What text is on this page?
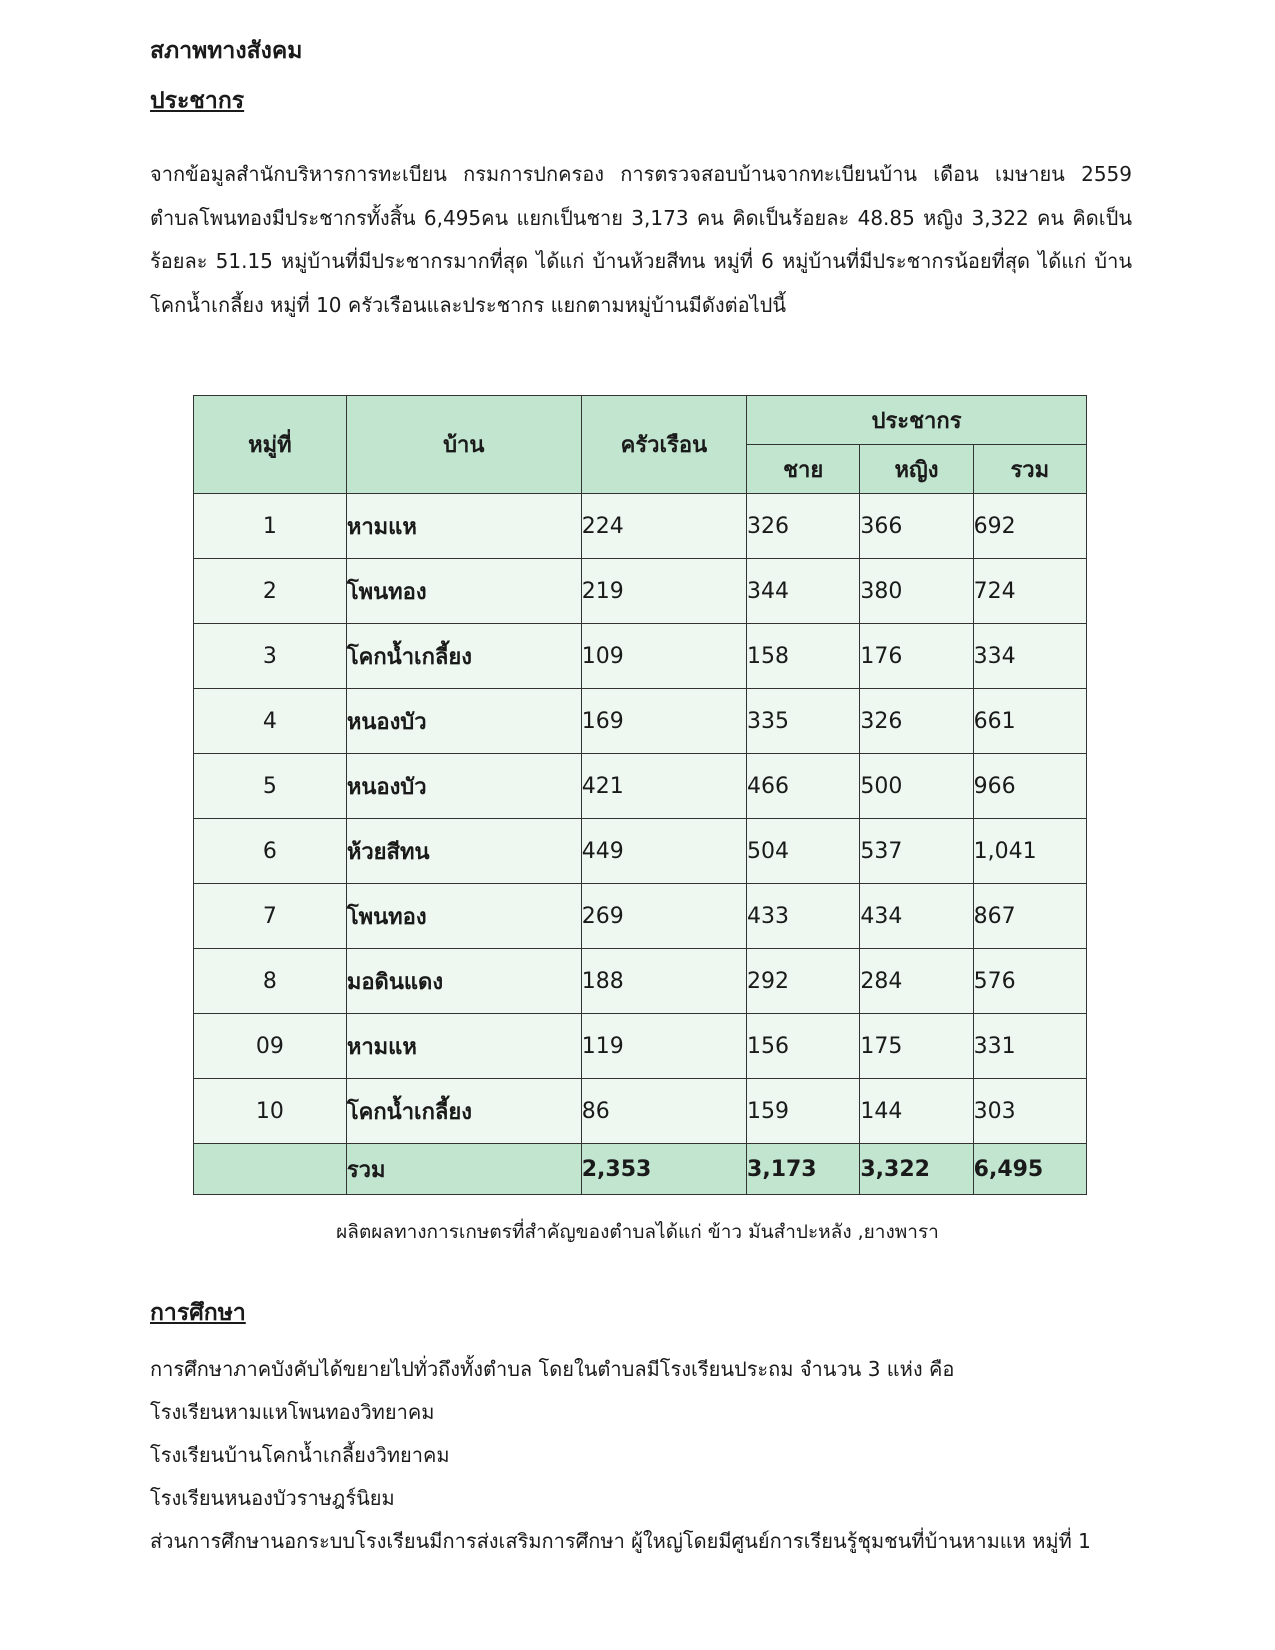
สภาพทางสังคม
ประชากร

จากข้อมูลสำนักบริหารการทะเบียน กรมการปกครอง การตรวจสอบบ้านจากทะเบียนบ้าน เดือน เมษายน 2559 ตำบลโพนทองมีประชากรทั้งสิ้น 6,495คน แยกเป็นชาย 3,173 คน คิดเป็นร้อยละ 48.85 หญิง 3,322 คน คิดเป็นร้อยละ 51.15 หมู่บ้านที่มีประชากรมากที่สุด ได้แก่ บ้านห้วยสีทน หมู่ที่ 6 หมู่บ้านที่มีประชากรน้อยที่สุด ได้แก่ บ้านโคกน้ำเกลี้ยง หมู่ที่ 10 ครัวเรือนและประชากร แยกตามหมู่บ้านมีดังต่อไปนี้

หมู่ที่	บ้าน	ครัวเรือน	ประชากร		
			ชาย	หญิง	รวม
1	หามแห	224	326	366	692
2	โพนทอง	219	344	380	724
3	โคกน้ำเกลี้ยง	109	158	176	334
4	หนองบัว	169	335	326	661
5	หนองบัว	421	466	500	966
6	ห้วยสีทน	449	504	537	1,041
7	โพนทอง	269	433	434	867
8	มอดินแดง	188	292	284	576
09	หามแห	119	156	175	331
10	โคกน้ำเกลี้ยง	86	159	144	303
	รวม	2,353	3,173	3,322	6,495

ผลิตผลทางการเกษตรที่สำคัญของตำบลได้แก่ ข้าว มันสำปะหลัง ,ยางพารา

การศึกษา

การศึกษาภาคบังคับได้ขยายไปทั่วถึงทั้งตำบล โดยในตำบลมีโรงเรียนประถม จำนวน 3 แห่ง คือ

โรงเรียนหามแหโพนทองวิทยาคม

โรงเรียนบ้านโคกน้ำเกลี้ยงวิทยาคม

โรงเรียนหนองบัวราษฎร์นิยม

ส่วนการศึกษานอกระบบโรงเรียนมีการส่งเสริมการศึกษา ผู้ใหญ่โดยมีศูนย์การเรียนรู้ชุมชนที่บ้านหามแห หมู่ที่ 1
